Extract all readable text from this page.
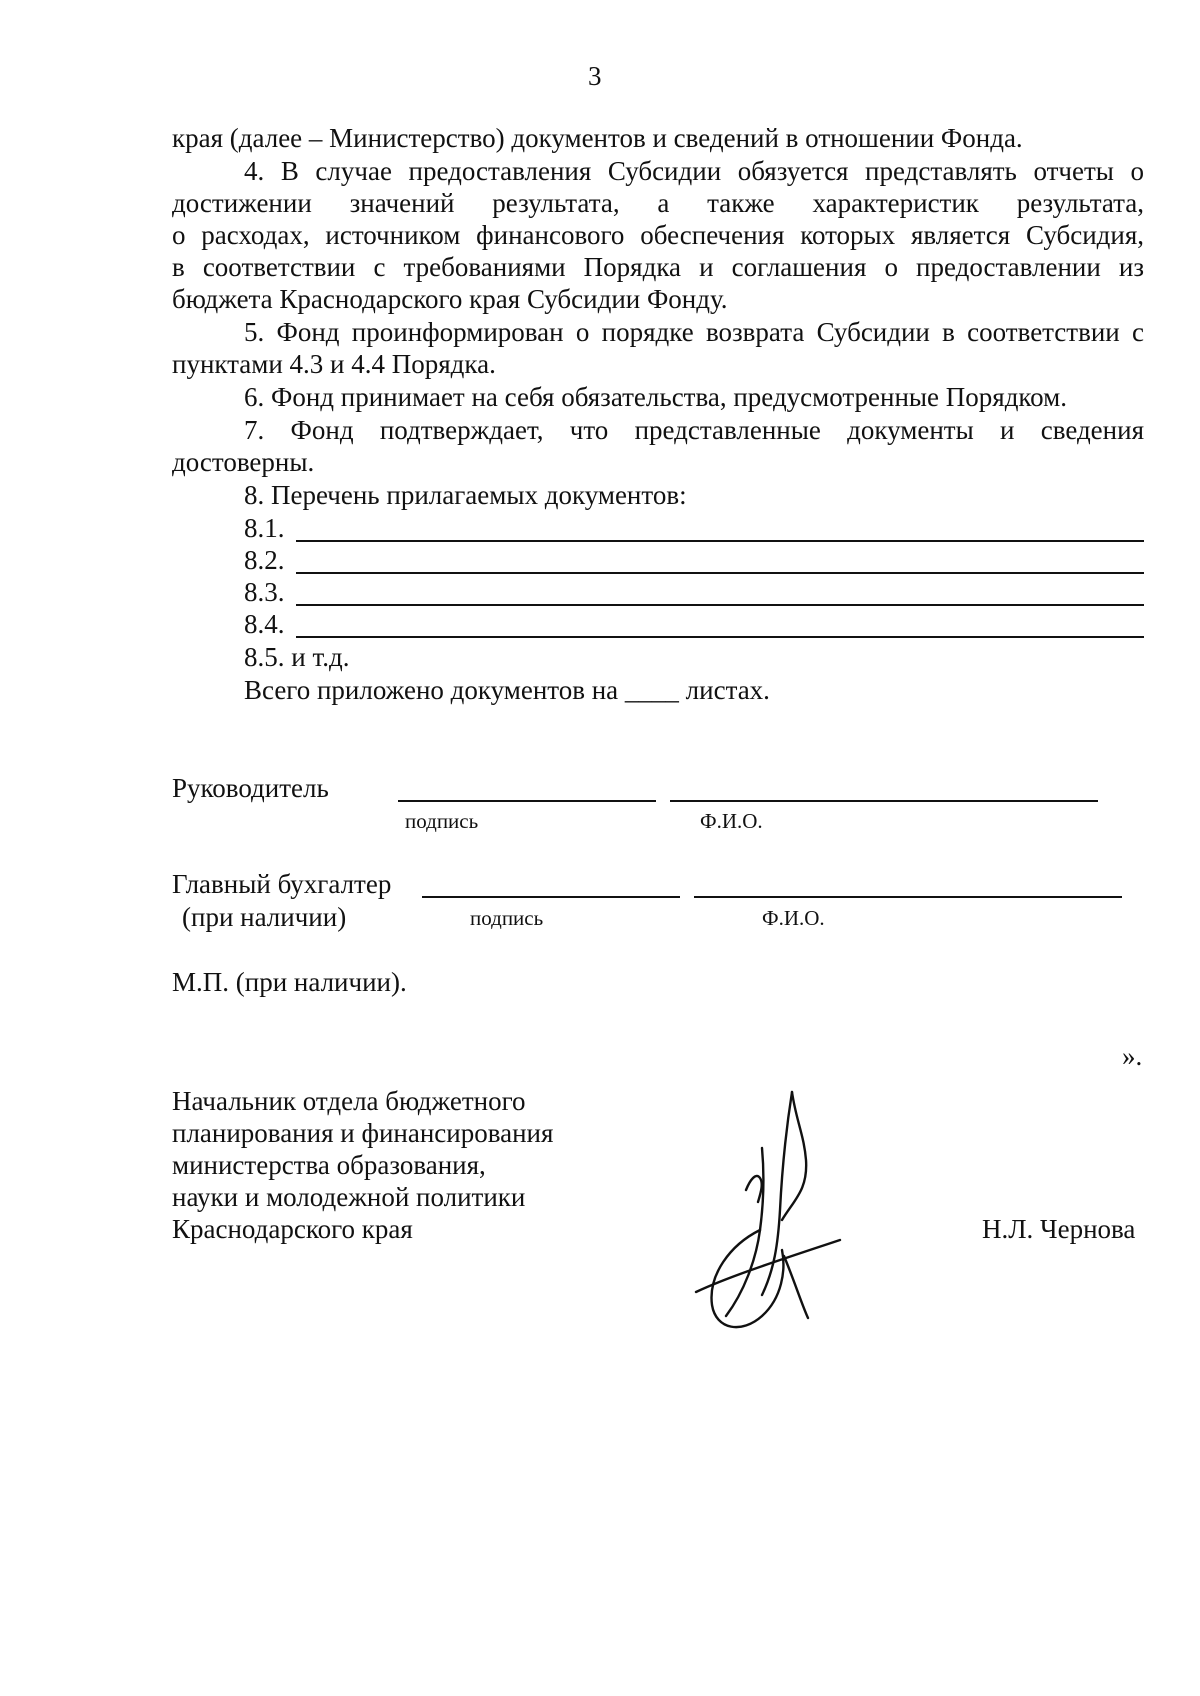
3
края (далее – Министерство) документов и сведений в отношении Фонда.
4. В случае предоставления Субсидии обязуется представлять отчеты о
достижении значений результата, а также характеристик результата,
о расходах, источником финансового обеспечения которых является Субсидия,
в соответствии с требованиями Порядка и соглашения о предоставлении из
бюджета Краснодарского края Субсидии Фонду.
5. Фонд проинформирован о порядке возврата Субсидии в соответствии с
пунктами 4.3 и 4.4 Порядка.
6. Фонд принимает на себя обязательства, предусмотренные Порядком.
7. Фонд подтверждает, что представленные документы и сведения
достоверны.
8. Перечень прилагаемых документов:
8.1.
8.2.
8.3.
8.4.
8.5. и т.д.
Всего приложено документов на ____ листах.
Руководитель
подпись	Ф.И.О.
Главный бухгалтер
(при наличии)	подпись	Ф.И.О.
М.П. (при наличии).
».
Начальник отдела бюджетного
планирования и финансирования
министерства образования,
науки и молодежной политики
Краснодарского края	Н.Л. Чернова
